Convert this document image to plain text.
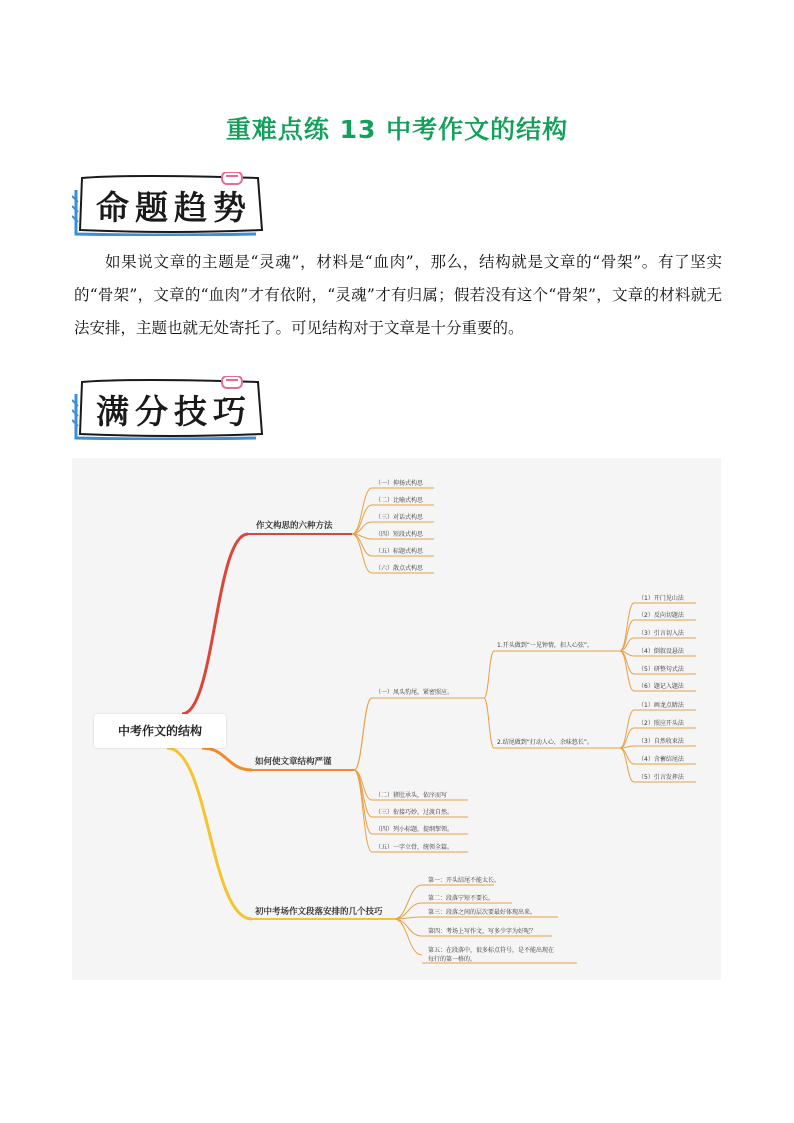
重难点练 13 中考作文的结构
命题趋势
如果说文章的主题是“灵魂”，材料是“血肉”，那么，结构就是文章的“骨架”。有了坚实的“骨架”，文章的“血肉”才有依附，“灵魂”才有归属；假若没有这个“骨架”，文章的材料就无法安排，主题也就无处寄托了。可见结构对于文章是十分重要的。
满分技巧
作文构思的六种方法
（一）抑扬式构思
（二）比喻式构思
（三）对话式构思
（四）短段式构思
（五）标题式构思
（六）散点式构思
如何使文章结构严谨
（一）凤头豹尾，紧密照应。
1.开头做到“一见钟情，扣人心弦”。
（1）开门见山法
（2）反向切题法
（3）引言切入法
（4）倒叙设悬法
（5）研整句式法
（6）题记入题法
2.结尾做到“打动人心，余味悠长”。
（1）画龙点睛法
（2）照应开头法
（3）自然收束法
（4）含蓄结尾法
（5）引言发挥法
（二）猪肚承头，依序而写
（三）衔接巧妙，过渡自然。
（四）列小标题，提纲挈领。
（五）一字立骨，统领全篇。
初中考场作文段落安排的几个技巧
第一：开头结尾不能太长。
第二：段落宁短不要长。
第三：段落之间的层次要最好体现出来。
第四：考场上写作文，写多少字为好呢？
第五：在段落中，很多标点符号，是不能出现在
每行的第一格的。
中考作文的结构
